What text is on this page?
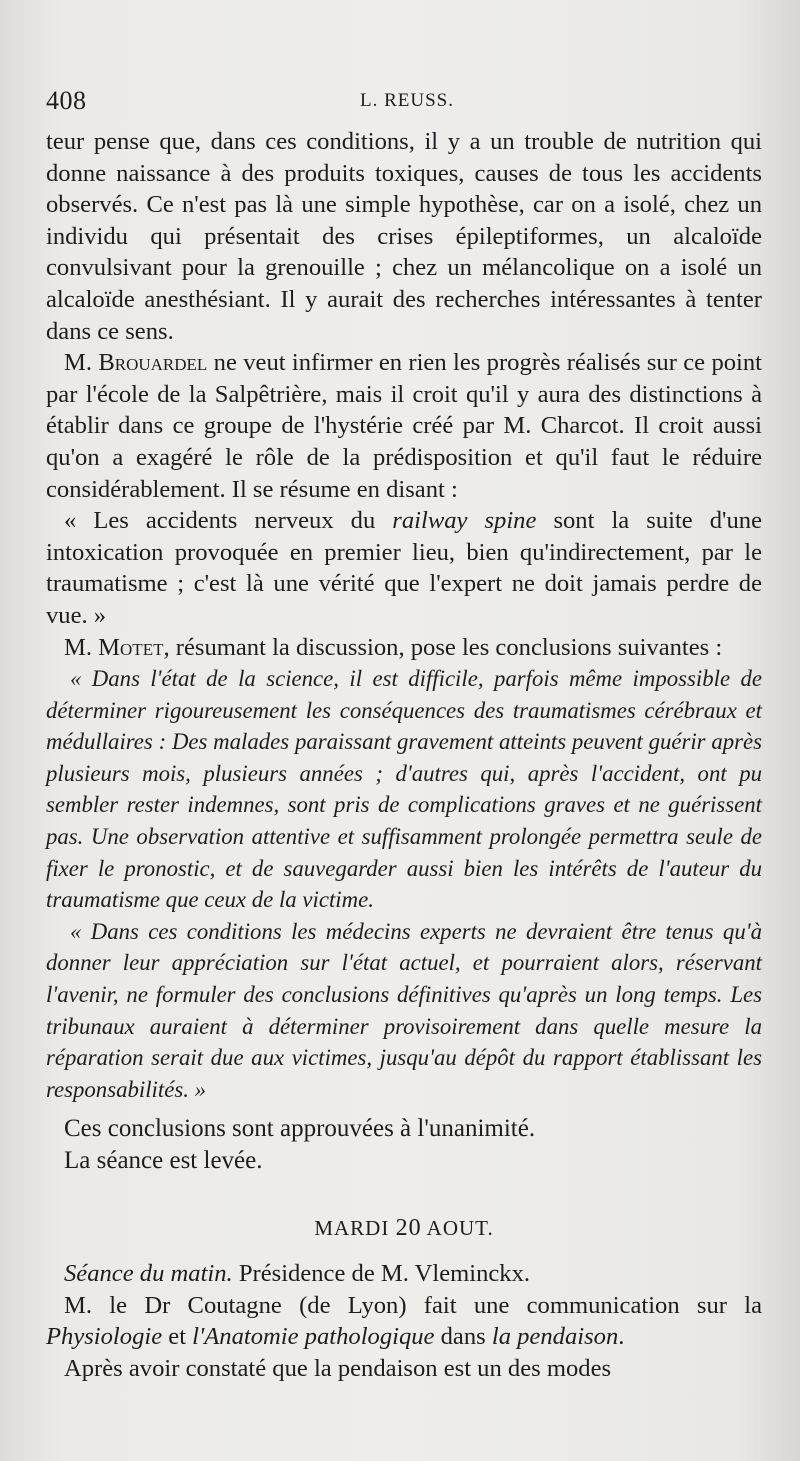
408	L. REUSS.

teur pense que, dans ces conditions, il y a un trouble de nutrition qui donne naissance à des produits toxiques, causes de tous les accidents observés. Ce n'est pas là une simple hypothèse, car on a isolé, chez un individu qui présentait des crises épileptiformes, un alcaloïde convulsivant pour la grenouille ; chez un mélancolique on a isolé un alcaloïde anesthésiant. Il y aurait des recherches intéressantes à tenter dans ce sens.

M. Brouardel ne veut infirmer en rien les progrès réalisés sur ce point par l'école de la Salpêtrière, mais il croit qu'il y aura des distinctions à établir dans ce groupe de l'hystérie créé par M. Charcot. Il croit aussi qu'on a exagéré le rôle de la prédisposition et qu'il faut le réduire considérablement. Il se résume en disant :

« Les accidents nerveux du railway spine sont la suite d'une intoxication provoquée en premier lieu, bien qu'indirectement, par le traumatisme ; c'est là une vérité que l'expert ne doit jamais perdre de vue. »

M. Motet, résumant la discussion, pose les conclusions suivantes :

« Dans l'état de la science, il est difficile, parfois même impossible de déterminer rigoureusement les conséquences des traumatismes cérébraux et médullaires : Des malades paraissant gravement atteints peuvent guérir après plusieurs mois, plusieurs années ; d'autres qui, après l'accident, ont pu sembler rester indemnes, sont pris de complications graves et ne guérissent pas. Une observation attentive et suffisamment prolongée permettra seule de fixer le pronostic, et de sauvegarder aussi bien les intérêts de l'auteur du traumatisme que ceux de la victime.

« Dans ces conditions les médecins experts ne devraient être tenus qu'à donner leur appréciation sur l'état actuel, et pourraient alors, réservant l'avenir, ne formuler des conclusions définitives qu'après un long temps. Les tribunaux auraient à déterminer provisoirement dans quelle mesure la réparation serait due aux victimes, jusqu'au dépôt du rapport établissant les responsabilités. »

Ces conclusions sont approuvées à l'unanimité.

La séance est levée.

MARDI 20 AOUT.

Séance du matin. Présidence de M. Vleminckx.

M. le Dr Coutagne (de Lyon) fait une communication sur la Physiologie et l'Anatomie pathologique dans la pendaison.

Après avoir constaté que la pendaison est un des modes
